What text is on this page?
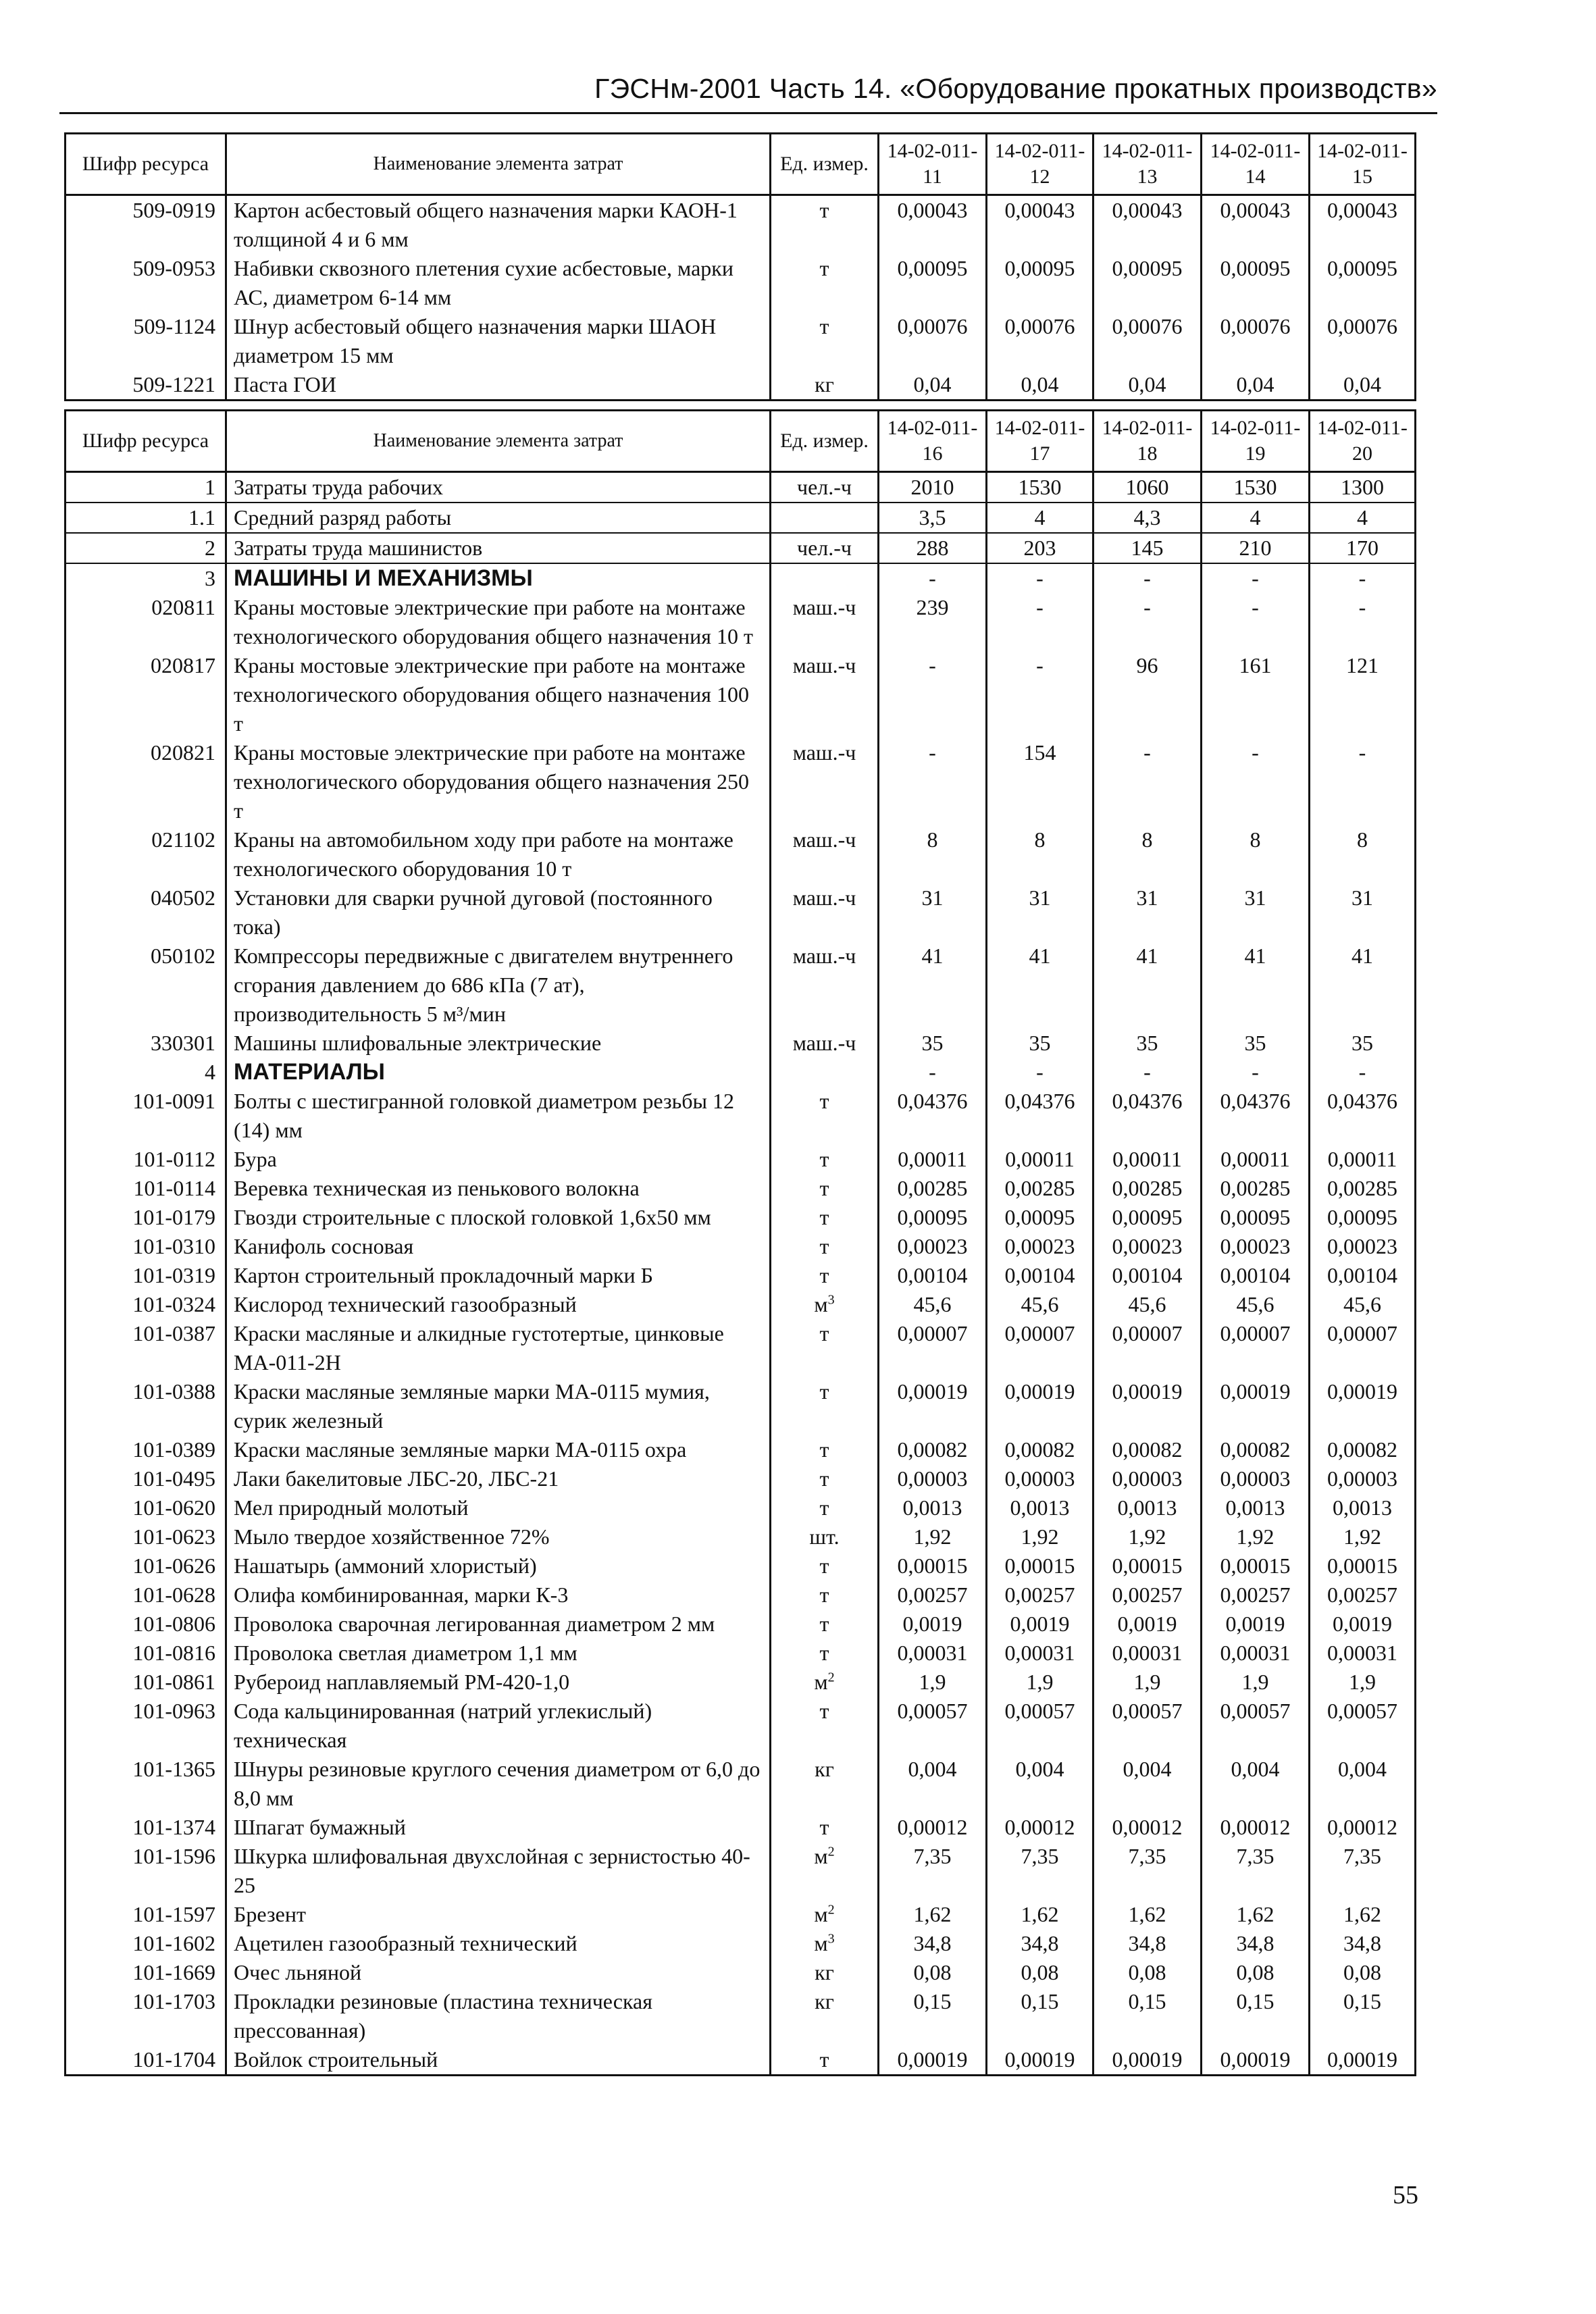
ГЭСНм-2001 Часть 14. «Оборудование прокатных производств»
Шифр ресурса	Наименование элемента затрат	Ед. измер.	14-02-011-11	14-02-011-12	14-02-011-13	14-02-011-14	14-02-011-15
509-0919	Картон асбестовый общего назначения марки КАОН-1 толщиной 4 и 6 мм	т	0,00043	0,00043	0,00043	0,00043	0,00043
509-0953	Набивки сквозного плетения сухие асбестовые, марки АС, диаметром 6-14 мм	т	0,00095	0,00095	0,00095	0,00095	0,00095
509-1124	Шнур асбестовый общего назначения марки ШАОН диаметром 15 мм	т	0,00076	0,00076	0,00076	0,00076	0,00076
509-1221	Паста ГОИ	кг	0,04	0,04	0,04	0,04	0,04
Шифр ресурса	Наименование элемента затрат	Ед. измер.	14-02-011-16	14-02-011-17	14-02-011-18	14-02-011-19	14-02-011-20
1	Затраты труда рабочих	чел.-ч	2010	1530	1060	1530	1300
1.1	Средний разряд работы		3,5	4	4,3	4	4
2	Затраты труда машинистов	чел.-ч	288	203	145	210	170
3	МАШИНЫ И МЕХАНИЗМЫ		-	-	-	-	-
020811	Краны мостовые электрические при работе на монтаже технологического оборудования общего назначения 10 т	маш.-ч	239	-	-	-	-
020817	Краны мостовые электрические при работе на монтаже технологического оборудования общего назначения 100 т	маш.-ч	-	-	96	161	121
020821	Краны мостовые электрические при работе на монтаже технологического оборудования общего назначения 250 т	маш.-ч	-	154	-	-	-
021102	Краны на автомобильном ходу при работе на монтаже технологического оборудования 10 т	маш.-ч	8	8	8	8	8
040502	Установки для сварки ручной дуговой (постоянного тока)	маш.-ч	31	31	31	31	31
050102	Компрессоры передвижные с двигателем внутреннего сгорания давлением до 686 кПа (7 ат), производительность 5 м³/мин	маш.-ч	41	41	41	41	41
330301	Машины шлифовальные электрические	маш.-ч	35	35	35	35	35
4	МАТЕРИАЛЫ		-	-	-	-	-
101-0091	Болты с шестигранной головкой диаметром резьбы 12 (14) мм	т	0,04376	0,04376	0,04376	0,04376	0,04376
101-0112	Бура	т	0,00011	0,00011	0,00011	0,00011	0,00011
101-0114	Веревка техническая из пенькового волокна	т	0,00285	0,00285	0,00285	0,00285	0,00285
101-0179	Гвозди строительные с плоской головкой 1,6x50 мм	т	0,00095	0,00095	0,00095	0,00095	0,00095
101-0310	Канифоль сосновая	т	0,00023	0,00023	0,00023	0,00023	0,00023
101-0319	Картон строительный прокладочный марки Б	т	0,00104	0,00104	0,00104	0,00104	0,00104
101-0324	Кислород технический газообразный	$м^3$	45,6	45,6	45,6	45,6	45,6
101-0387	Краски масляные и алкидные густотертые, цинковые МА-011-2Н	т	0,00007	0,00007	0,00007	0,00007	0,00007
101-0388	Краски масляные земляные марки МА-0115 мумия, сурик железный	т	0,00019	0,00019	0,00019	0,00019	0,00019
101-0389	Краски масляные земляные марки МА-0115 охра	т	0,00082	0,00082	0,00082	0,00082	0,00082
101-0495	Лаки бакелитовые ЛБС-20, ЛБС-21	т	0,00003	0,00003	0,00003	0,00003	0,00003
101-0620	Мел природный молотый	т	0,0013	0,0013	0,0013	0,0013	0,0013
101-0623	Мыло твердое хозяйственное 72%	шт.	1,92	1,92	1,92	1,92	1,92
101-0626	Нашатырь (аммоний хлористый)	т	0,00015	0,00015	0,00015	0,00015	0,00015
101-0628	Олифа комбинированная, марки К-3	т	0,00257	0,00257	0,00257	0,00257	0,00257
101-0806	Проволока сварочная легированная диаметром 2 мм	т	0,0019	0,0019	0,0019	0,0019	0,0019
101-0816	Проволока светлая диаметром 1,1 мм	т	0,00031	0,00031	0,00031	0,00031	0,00031
101-0861	Рубероид наплавляемый РМ-420-1,0	$м^2$	1,9	1,9	1,9	1,9	1,9
101-0963	Сода кальцинированная (натрий углекислый) техническая	т	0,00057	0,00057	0,00057	0,00057	0,00057
101-1365	Шнуры резиновые круглого сечения диаметром от 6,0 до 8,0 мм	кг	0,004	0,004	0,004	0,004	0,004
101-1374	Шпагат бумажный	т	0,00012	0,00012	0,00012	0,00012	0,00012
101-1596	Шкурка шлифовальная двухслойная с зернистостью 40-25	$м^2$	7,35	7,35	7,35	7,35	7,35
101-1597	Брезент	$м^2$	1,62	1,62	1,62	1,62	1,62
101-1602	Ацетилен газообразный технический	$м^3$	34,8	34,8	34,8	34,8	34,8
101-1669	Очес льняной	кг	0,08	0,08	0,08	0,08	0,08
101-1703	Прокладки резиновые (пластина техническая прессованная)	кг	0,15	0,15	0,15	0,15	0,15
101-1704	Войлок строительный	т	0,00019	0,00019	0,00019	0,00019	0,00019
55
